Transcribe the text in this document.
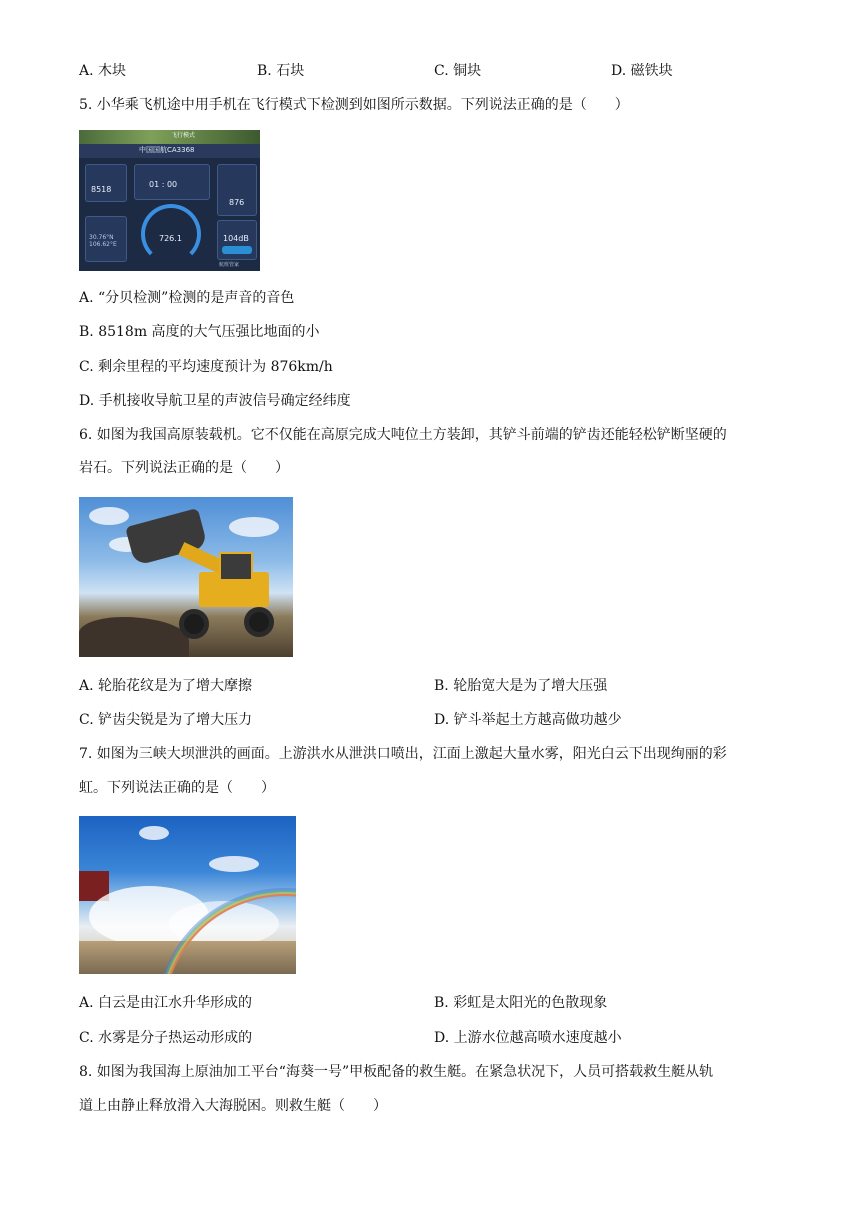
A. 木块	B. 石块	C. 铜块	D. 磁铁块
5. 小华乘飞机途中用手机在飞行模式下检测到如图所示数据。下列说法正确的是（　　）
飞行模式
中国国航CA3368
8518
01 : 00
876
30.76°N
106.62°E
726.1	104dB
航班管家
A. “分贝检测”检测的是声音的音色
B. 8518m 高度的大气压强比地面的小
C. 剩余里程的平均速度预计为 876km/h
D. 手机接收导航卫星的声波信号确定经纬度
6. 如图为我国高原装载机。它不仅能在高原完成大吨位土方装卸，其铲斗前端的铲齿还能轻松铲断坚硬的
岩石。下列说法正确的是（　　）
A. 轮胎花纹是为了增大摩擦	B. 轮胎宽大是为了增大压强
C. 铲齿尖锐是为了增大压力	D. 铲斗举起土方越高做功越少
7. 如图为三峡大坝泄洪的画面。上游洪水从泄洪口喷出，江面上激起大量水雾，阳光白云下出现绚丽的彩
虹。下列说法正确的是（　　）
A. 白云是由江水升华形成的	B. 彩虹是太阳光的色散现象
C. 水雾是分子热运动形成的	D. 上游水位越高喷水速度越小
8. 如图为我国海上原油加工平台“海葵一号”甲板配备的救生艇。在紧急状况下，人员可搭载救生艇从轨
道上由静止释放滑入大海脱困。则救生艇（　　）
